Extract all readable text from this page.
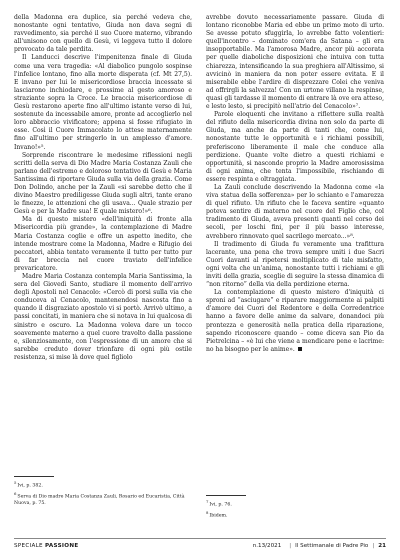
della Madonna era duplice, sia perché vedeva che, nonostante ogni tentativo, Giuda non dava segni di ravvedimento, sia perché il suo Cuore materno, vibrando all'unisono con quello di Gesù, vi leggeva tutto il dolore provocato da tale perdita.

Il Landucci descrive l'impenitenza finale di Giuda come una vera tragedia: «Al diabolico pungolo sospinse l'infelice lontano, fino alla morte disperata (cf. Mt 27,5). E invano per lui le misericordiose braccia incessate si lasciarono inchiodare, e prossime al gesto amoroso e straziante sopra la Croce. Le braccia misericordiose di Gesù restarono aperte fino all'ultimo istante verso di lui, sostenute da incessabile amore, pronte ad accoglierlo nel loro abbraccio vivificatore; appena si fosse rifugiato in esse. Così il Cuore Immacolato lo attese maternamente fino all'ultimo per stringerlo in un amplesso d'amore. Invano!»⁵.

Sorprende riscontrare le medesime riflessioni negli scritti della serva di Dio Madre Maria Costanza Zauli che parlano dell'estremo e doloroso tentativo di Gesù e Maria Santissima di riportare Giuda sulla via della grazia. Come Don Dolindo, anche per la Zauli «si sarebbe detto che il divino Maestro prediligesse Giuda sugli altri, tante erano le finezze, le attenzioni che gli usava... Quale strazio per Gesù e per la Madre sua! E quale mistero!»⁶.

Ma di questo mistero «dell'iniquità di fronte alla Misericordia più grande», la contemplazione di Madre Maria Costanza coglie e offre un aspetto inedito, che intende mostrare come la Madonna, Madre e Rifugio dei peccatori, abbia tentato veramente il tutto per tutto pur di far breccia nel cuore traviato dell'infelice prevaricatore.

Madre Maria Costanza contempla Maria Santissima, la sera del Giovedì Santo, studiare il momento dell'arrivo degli Apostoli nel Cenacolo: «Cercò di porsi sulla via che conduceva al Cenacolo, mantenendosi nascosta fino a quando il disgraziato apostolo vi si portò. Arrivò ultimo, a passi concitati, in maniera che si notava in lui qualcosa di sinistro e oscuro. La Madonna voleva dare un tocco soavemente materno a quel cuore travolto dalla passione e, silenziosamente, con l'espressione di un amore che si sarebbe creduto dover trionfare di ogni più ostile resistenza, si mise là dove quel figliolo

avrebbe dovuto necessariamente passare. Giuda di lontano riconobbe Maria ed ebbe un primo moto di urto. Se avesse potuto sfuggirla, lo avrebbe fatto volentieri: quell'incontro – dominato com'era da Satana – gli era insopportabile. Ma l'amorosa Madre, ancor più accorata per quelle diaboliche disposizioni che intuiva con tutta chiarezza, intensificando la sua preghiera all'Altissimo, si avvicinò in maniera da non poter essere evitata. E il miserabile ebbe l'ardire di disprezzare Colei che veniva ad offrirgli la salvezza! Con un urtone villano la respinse, quasi gli tardasse il momento di entrare là ove era atteso, e lesto lesto, si precipitò nell'atrio del Cenacolo»⁷.

Parole eloquenti che invitano a riflettere sulla realtà del rifiuto della misericordia divina non solo da parte di Giuda, ma anche da parte di tanti che, come lui, nonostante tutte le opportunità e i richiami possibili, preferiscono liberamente il male che conduce alla perdizione. Quante volte dietro a questi richiami e opportunità, si nasconde proprio la Madre amorosissima di ogni anima, che tenta l'impossibile, rischiando di essere respinta e oltraggiata.

La Zauli conclude descrivendo la Madonna come «la viva statua della sofferenza» per lo schianto e l'amarezza di quel rifiuto. Un rifiuto che le faceva sentire «quanto poteva sentire di materno nel cuore del Figlio che, col tradimento di Giuda, aveva presenti quanti nel corso dei secoli, per loschi fini, per il più basso interesse, avrebbero rinnovato quel sacrilego mercato...»⁸.

Il tradimento di Giuda fu veramente una trafittura lacerante, una pena che trova sempre uniti i due Sacri Cuori davanti al ripetersi moltiplicato di tale misfatto, ogni volta che un'anima, nonostante tutti i richiami e gli inviti della grazia, sceglie di seguire la stessa dinamica di “non ritorno” della via della perdizione eterna.

La contemplazione di questo mistero d'iniquità ci sproni ad “asciugare” e riparare maggiormente ai palpiti d'amore dei Cuori del Redentore e della Corredentrice hanno a favore delle anime da salvare, donandoci più prontezza e generosità nella pratica della riparazione, sapendo riconoscere quando – come diceva san Pio da Pietrelcina – «è lui che viene a mendicare pene e lacrime: no ha bisogno per le anime».

$^5$Ivi, p. 382.

$^6$Serva di Dio madre Maria Costanza Zauli, Rosario ed Eucaristia, Città Nuova, p. 75.	$^7$Ivi, p. 76.

$^8$Ibidem.

SPECIALE PASSIONE	n.13/2021 | Il Settimanale di Padre Pio | 21
